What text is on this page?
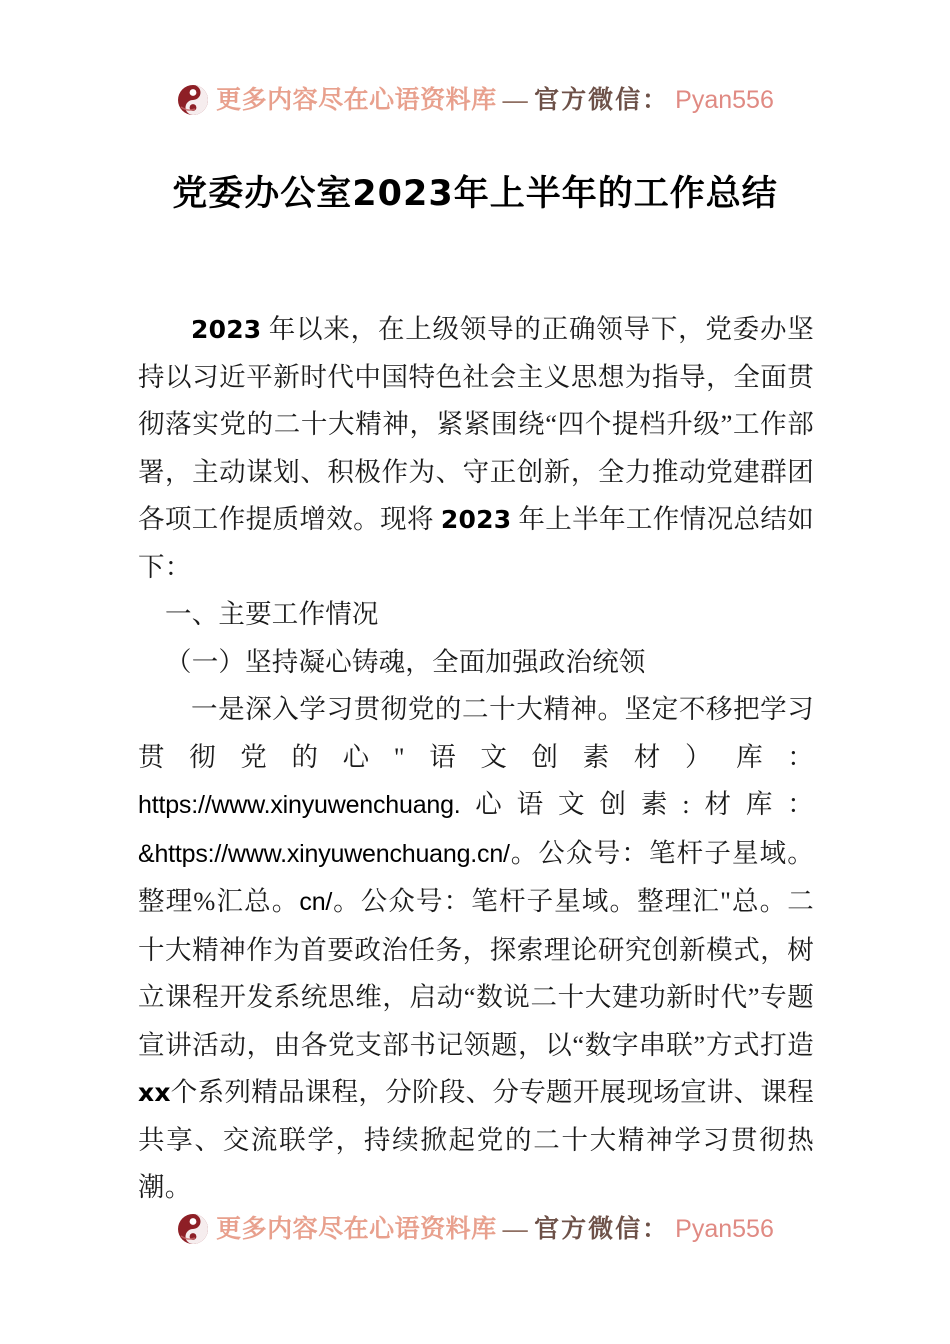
更多内容尽在心语资料库 — 官方微信： Pyan556
党委办公室2023年上半年的工作总结

2023 年以来，在上级领导的正确领导下，党委办坚持以习近平新时代中国特色社会主义思想为指导，全面贯彻落实党的二十大精神，紧紧围绕“四个提档升级”工作部署，主动谋划、积极作为、守正创新，全力推动党建群团各项工作提质增效。现将 2023 年上半年工作情况总结如下：

一、主要工作情况

（一）坚持凝心铸魂，全面加强政治统领

一是深入学习贯彻党的二十大精神。坚定不移把学习贯彻党的心"语文创素材）库：https://www.xinyuwenchuang.心语文创素:材库：&https://www.xinyuwenchuang.cn/。公众号：笔杆子星域。整理%汇总。cn/。公众号：笔杆子星域。整理汇"总。二十大精神作为首要政治任务，探索理论研究创新模式，树立课程开发系统思维，启动“数说二十大建功新时代”专题宣讲活动，由各党支部书记领题，以“数字串联”方式打造xx个系列精品课程，分阶段、分专题开展现场宣讲、课程共享、交流联学，持续掀起党的二十大精神学习贯彻热潮。

更多内容尽在心语资料库 — 官方微信： Pyan556
